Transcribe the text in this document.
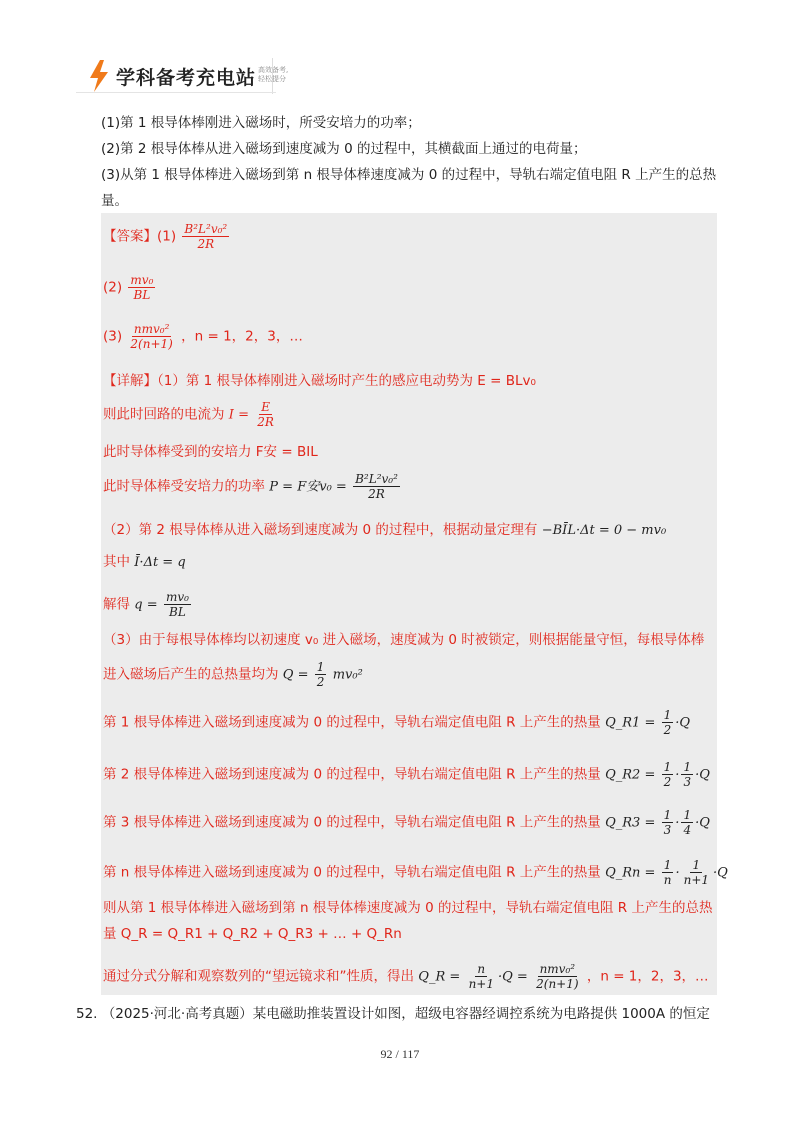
学科备考充电站 高效备考,
轻松提分
(1)第 1 根导体棒刚进入磁场时，所受安培力的功率；
(2)第 2 根导体棒从进入磁场到速度减为 0 的过程中，其横截面上通过的电荷量；
(3)从第 1 根导体棒进入磁场到第 n 根导体棒速度减为 0 的过程中，导轨右端定值电阻 R 上产生的总热
量。
【答案】$(1) \frac{\text{B²L²v₀²}}{2R}$
$(2) \frac{\text{mv₀}}{BL}$
$(3) \frac{\text{nmv₀²}}{2(n+1)}$ ，n = 1，2，3，…
【详解】（1）第 1 根导体棒刚进入磁场时产生的感应电动势为 E = BLv₀
则此时回路的电流为 $I = \frac{E}{2R}$
此时导体棒受到的安培力 F安 = BIL
此时导体棒受安培力的功率 P = F安$v_0 = \frac{\text{B²L²v₀²}}{2R}$
（2）第 2 根导体棒从进入磁场到速度减为 0 的过程中，根据动量定理有 −BĪL·Δt = 0 − mv₀
其中 Ī·Δt = q
解得 $q = \frac{\text{mv₀}}{BL}$
（3）由于每根导体棒均以初速度 v₀ 进入磁场，速度减为 0 时被锁定，则根据能量守恒，每根导体棒
进入磁场后产生的总热量均为 $Q = \frac{1}{2} mv_0^2$
第 1 根导体棒进入磁场到速度减为 0 的过程中，导轨右端定值电阻 R 上产生的热量 Q_R1 = $\frac{1}{2} \cdot Q$
第 2 根导体棒进入磁场到速度减为 0 的过程中，导轨右端定值电阻 R 上产生的热量 Q_R2 = $\frac{1}{2} \cdot \frac{1}{3} \cdot Q$
第 3 根导体棒进入磁场到速度减为 0 的过程中，导轨右端定值电阻 R 上产生的热量 Q_R3 = $\frac{1}{3} \cdot \frac{1}{4} \cdot Q$
第 n 根导体棒进入磁场到速度减为 0 的过程中，导轨右端定值电阻 R 上产生的热量 Q_Rn = $\frac{1}{n} \cdot \frac{1}{n+1} \cdot Q$
则从第 1 根导体棒进入磁场到第 n 根导体棒速度减为 0 的过程中，导轨右端定值电阻 R 上产生的总热
量 Q_R = Q_R1 + Q_R2 + Q_R3 + … + Q_Rn
通过分式分解和观察数列的“望远镜求和”性质，得出 Q_R = $\frac{n}{n+1} \cdot Q = \frac{\text{nmv₀²}}{2(n+1)}$ ，n = 1，2，3，…
52. （2025·河北·高考真题）某电磁助推装置设计如图，超级电容器经调控系统为电路提供 1000A 的恒定
92 / 117
